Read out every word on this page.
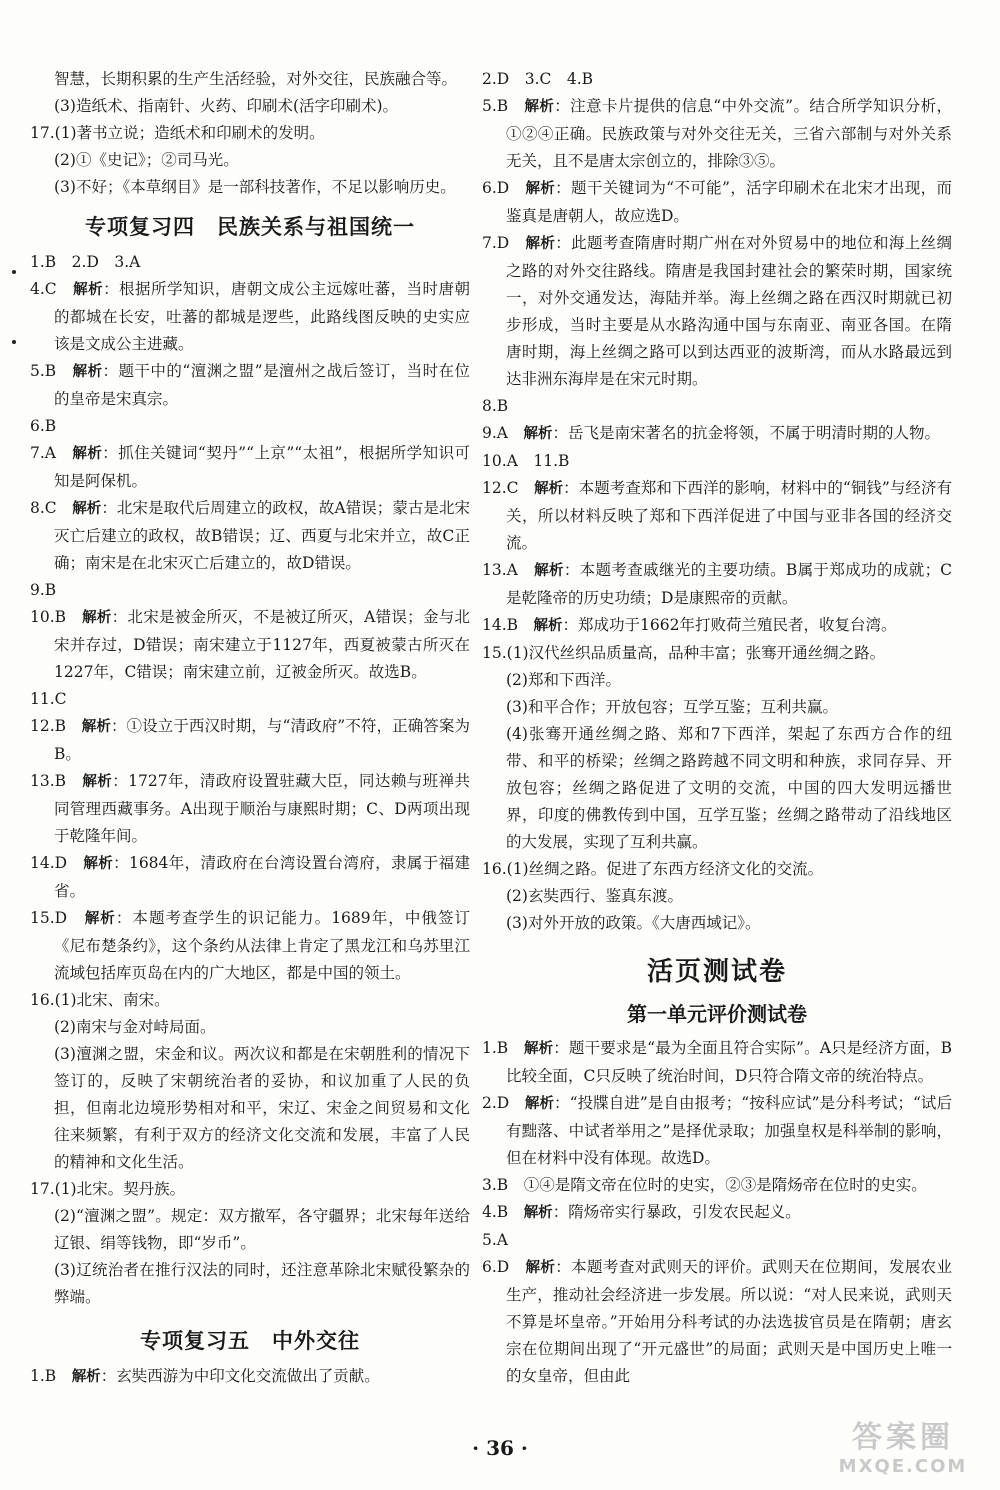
智慧，长期积累的生产生活经验，对外交往，民族融合等。

(3)造纸术、指南针、火药、印刷术(活字印刷术)。

17.(1)著书立说；造纸术和印刷术的发明。

(2)①《史记》；②司马光。

(3)不好；《本草纲目》是一部科技著作，不足以影响历史。

专项复习四　民族关系与祖国统一

1.B　2.D　3.A

4.C　解析：根据所学知识，唐朝文成公主远嫁吐蕃，当时唐朝的都城在长安，吐蕃的都城是逻些，此路线图反映的史实应该是文成公主进藏。

5.B　解析：题干中的“澶渊之盟”是澶州之战后签订，当时在位的皇帝是宋真宗。

6.B

7.A　解析：抓住关键词“契丹”“上京”“太祖”，根据所学知识可知是阿保机。

8.C　解析：北宋是取代后周建立的政权，故A错误；蒙古是北宋灭亡后建立的政权，故B错误；辽、西夏与北宋并立，故C正确；南宋是在北宋灭亡后建立的，故D错误。

9.B

10.B　解析：北宋是被金所灭，不是被辽所灭，A错误；金与北宋并存过，D错误；南宋建立于1127年，西夏被蒙古所灭在1227年，C错误；南宋建立前，辽被金所灭。故选B。

11.C

12.B　解析：①设立于西汉时期，与“清政府”不符，正确答案为B。

13.B　解析：1727年，清政府设置驻藏大臣，同达赖与班禅共同管理西藏事务。A出现于顺治与康熙时期；C、D两项出现于乾隆年间。

14.D　解析：1684年，清政府在台湾设置台湾府，隶属于福建省。

15.D　解析：本题考查学生的识记能力。1689年，中俄签订《尼布楚条约》，这个条约从法律上肯定了黑龙江和乌苏里江流域包括库页岛在内的广大地区，都是中国的领土。

16.(1)北宋、南宋。

(2)南宋与金对峙局面。

(3)澶渊之盟，宋金和议。两次议和都是在宋朝胜利的情况下签订的，反映了宋朝统治者的妥协，和议加重了人民的负担，但南北边境形势相对和平，宋辽、宋金之间贸易和文化往来频繁，有利于双方的经济文化交流和发展，丰富了人民的精神和文化生活。

17.(1)北宋。契丹族。

(2)“澶渊之盟”。规定：双方撤军，各守疆界；北宋每年送给辽银、绢等钱物，即“岁币”。

(3)辽统治者在推行汉法的同时，还注意革除北宋赋役繁杂的弊端。

专项复习五　中外交往

1.B　解析：玄奘西游为中印文化交流做出了贡献。

2.D　3.C　4.B

5.B　解析：注意卡片提供的信息“中外交流”。结合所学知识分析，①②④正确。民族政策与对外交往无关，三省六部制与对外关系无关，且不是唐太宗创立的，排除③⑤。

6.D　解析：题干关键词为“不可能”，活字印刷术在北宋才出现，而鉴真是唐朝人，故应选D。

7.D　解析：此题考查隋唐时期广州在对外贸易中的地位和海上丝绸之路的对外交往路线。隋唐是我国封建社会的繁荣时期，国家统一，对外交通发达，海陆并举。海上丝绸之路在西汉时期就已初步形成，当时主要是从水路沟通中国与东南亚、南亚各国。在隋唐时期，海上丝绸之路可以到达西亚的波斯湾，而从水路最远到达非洲东海岸是在宋元时期。

8.B

9.A　解析：岳飞是南宋著名的抗金将领，不属于明清时期的人物。

10.A　11.B

12.C　解析：本题考查郑和下西洋的影响，材料中的“铜钱”与经济有关，所以材料反映了郑和下西洋促进了中国与亚非各国的经济交流。

13.A　解析：本题考查戚继光的主要功绩。B属于郑成功的成就；C是乾隆帝的历史功绩；D是康熙帝的贡献。

14.B　解析：郑成功于1662年打败荷兰殖民者，收复台湾。

15.(1)汉代丝织品质量高，品种丰富；张骞开通丝绸之路。

(2)郑和下西洋。

(3)和平合作；开放包容；互学互鉴；互利共赢。

(4)张骞开通丝绸之路、郑和7下西洋，架起了东西方合作的纽带、和平的桥梁；丝绸之路跨越不同文明和种族，求同存异、开放包容；丝绸之路促进了文明的交流，中国的四大发明远播世界，印度的佛教传到中国，互学互鉴；丝绸之路带动了沿线地区的大发展，实现了互利共赢。

16.(1)丝绸之路。促进了东西方经济文化的交流。

(2)玄奘西行、鉴真东渡。

(3)对外开放的政策。《大唐西域记》。

活页测试卷
第一单元评价测试卷

1.B　解析：题干要求是“最为全面且符合实际”。A只是经济方面，B比较全面，C只反映了统治时间，D只符合隋文帝的统治特点。

2.D　解析：“投牒自进”是自由报考；“按科应试”是分科考试；“试后有黜落、中试者举用之”是择优录取；加强皇权是科举制的影响，但在材料中没有体现。故选D。

3.B　①④是隋文帝在位时的史实，②③是隋炀帝在位时的史实。

4.B　解析：隋炀帝实行暴政，引发农民起义。

5.A

6.D　解析：本题考查对武则天的评价。武则天在位期间，发展农业生产，推动社会经济进一步发展。所以说：“对人民来说，武则天不算是坏皇帝。”开始用分科考试的办法选拔官员是在隋朝；唐玄宗在位期间出现了“开元盛世”的局面；武则天是中国历史上唯一的女皇帝，但由此

· 36 ·	答案圈
MXQE.COM
